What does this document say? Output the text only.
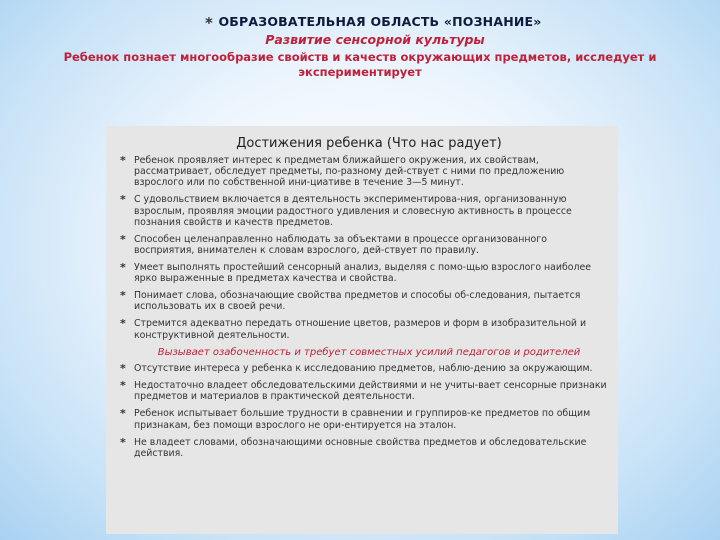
* ОБРАЗОВАТЕЛЬНАЯ ОБЛАСТЬ «ПОЗНАНИЕ»
Развитие сенсорной культуры
Ребенок познает многообразие свойств и качеств окружающих предметов, исследует и экспериментирует
Достижения ребенка (Что нас радует)
* Ребенок проявляет интерес к предметам ближайшего окружения, их свойствам, рассматривает, обследует предметы, по-разному дей-ствует с ними по предложению взрослого или по собственной ини-циативе в течение 3—5 минут.
* С удовольствием включается в деятельность экспериментирова-ния, организованную взрослым, проявляя эмоции радостного удивления и словесную активность в процессе познания свойств и качеств предметов.
* Способен целенаправленно наблюдать за объектами в процессе организованного восприятия, внимателен к словам взрослого, дей-ствует по правилу.
* Умеет выполнять простейший сенсорный анализ, выделяя с помо-щью взрослого наиболее ярко выраженные в предметах качества и свойства.
* Понимает слова, обозначающие свойства предметов и способы об-следования, пытается использовать их в своей речи.
* Стремится адекватно передать отношение цветов, размеров и форм в изобразительной и конструктивной деятельности.
Вызывает озабоченность и требует совместных усилий педагогов и родителей
* Отсутствие интереса у ребенка к исследованию предметов, наблю-дению за окружающим.
* Недостаточно владеет обследовательскими действиями и не учиты-вает сенсорные признаки предметов и материалов в практической деятельности.
* Ребенок испытывает большие трудности в сравнении и группиров-ке предметов по общим признакам, без помощи взрослого не ори-ентируется на эталон.
* Не владеет словами, обозначающими основные свойства предметов и обследовательские действия.
